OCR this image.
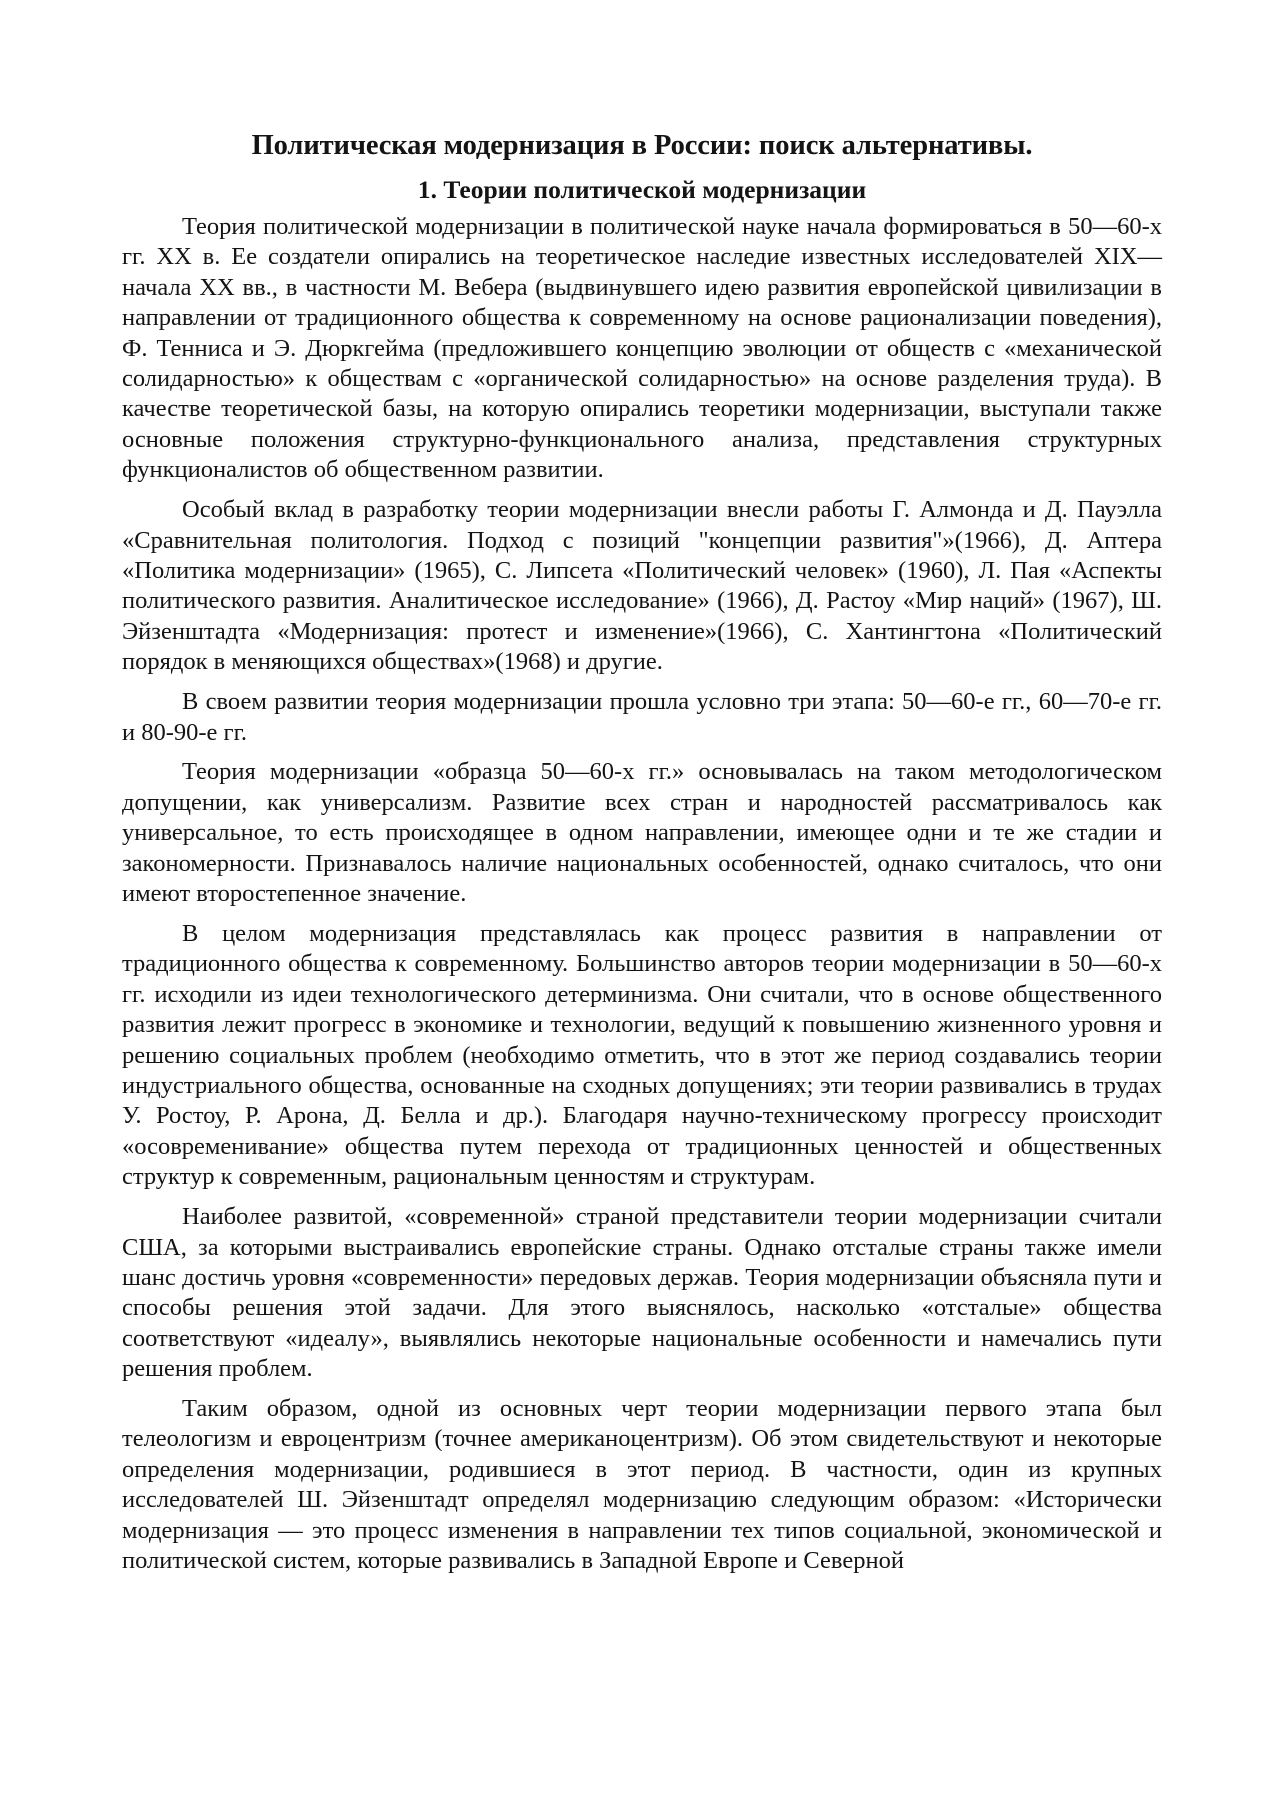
Политическая модернизация в России: поиск альтернативы.
1. Теории политической модернизации

Теория политической модернизации в политической науке начала формироваться в 50—60-х гг. XX в. Ее создатели опирались на теоретическое наследие известных исследователей XIX— начала XX вв., в частности М. Вебера (выдвинувшего идею развития европейской цивилизации в направлении от традиционного общества к современному на основе рационализации поведения), Ф. Тенниса и Э. Дюркгейма (предложившего концепцию эволюции от обществ с «механической солидарностью» к обществам с «органической солидарностью» на основе разделения труда). В качестве теоретической базы, на которую опирались теоретики модернизации, выступали также основные положения структурно-функционального анализа, представления структурных функционалистов об общественном развитии.

Особый вклад в разработку теории модернизации внесли работы Г. Алмонда и Д. Пауэлла «Сравнительная политология. Подход с позиций "концепции развития"»(1966), Д. Аптера «Политика модернизации» (1965), С. Липсета «Политический человек» (1960), Л. Пая «Аспекты политического развития. Аналитическое исследование» (1966), Д. Растоу «Мир наций» (1967), Ш. Эйзенштадта «Модернизация: протест и изменение»(1966), С. Хантингтона «Политический порядок в меняющихся обществах»(1968) и другие.

В своем развитии теория модернизации прошла условно три этапа: 50—60-е гг., 60—70-е гг. и 80-90-е гг.

Теория модернизации «образца 50—60-х гг.» основывалась на таком методологическом допущении, как универсализм. Развитие всех стран и народностей рассматривалось как универсальное, то есть происходящее в одном направлении, имеющее одни и те же стадии и закономерности. Признавалось наличие национальных особенностей, однако считалось, что они имеют второстепенное значение.

В целом модернизация представлялась как процесс развития в направлении от традиционного общества к современному. Большинство авторов теории модернизации в 50—60-х гг. исходили из идеи технологического детерминизма. Они считали, что в основе общественного развития лежит прогресс в экономике и технологии, ведущий к повышению жизненного уровня и решению социальных проблем (необходимо отметить, что в этот же период создавались теории индустриального общества, основанные на сходных допущениях; эти теории развивались в трудах У. Ростоу, Р. Арона, Д. Белла и др.). Благодаря научно-техническому прогрессу происходит «осовременивание» общества путем перехода от традиционных ценностей и общественных структур к современным, рациональным ценностям и структурам.

Наиболее развитой, «современной» страной представители теории модернизации считали США, за которыми выстраивались европейские страны. Однако отсталые страны также имели шанс достичь уровня «современности» передовых держав. Теория модернизации объясняла пути и способы решения этой задачи. Для этого выяснялось, насколько «отсталые» общества соответствуют «идеалу», выявлялись некоторые национальные особенности и намечались пути решения проблем.

Таким образом, одной из основных черт теории модернизации первого этапа был телеологизм и евроцентризм (точнее американоцентризм). Об этом свидетельствуют и некоторые определения модернизации, родившиеся в этот период. В частности, один из крупных исследователей Ш. Эйзенштадт определял модернизацию следующим образом: «Исторически модернизация — это процесс изменения в направлении тех типов социальной, экономической и политической систем, которые развивались в Западной Европе и Северной
